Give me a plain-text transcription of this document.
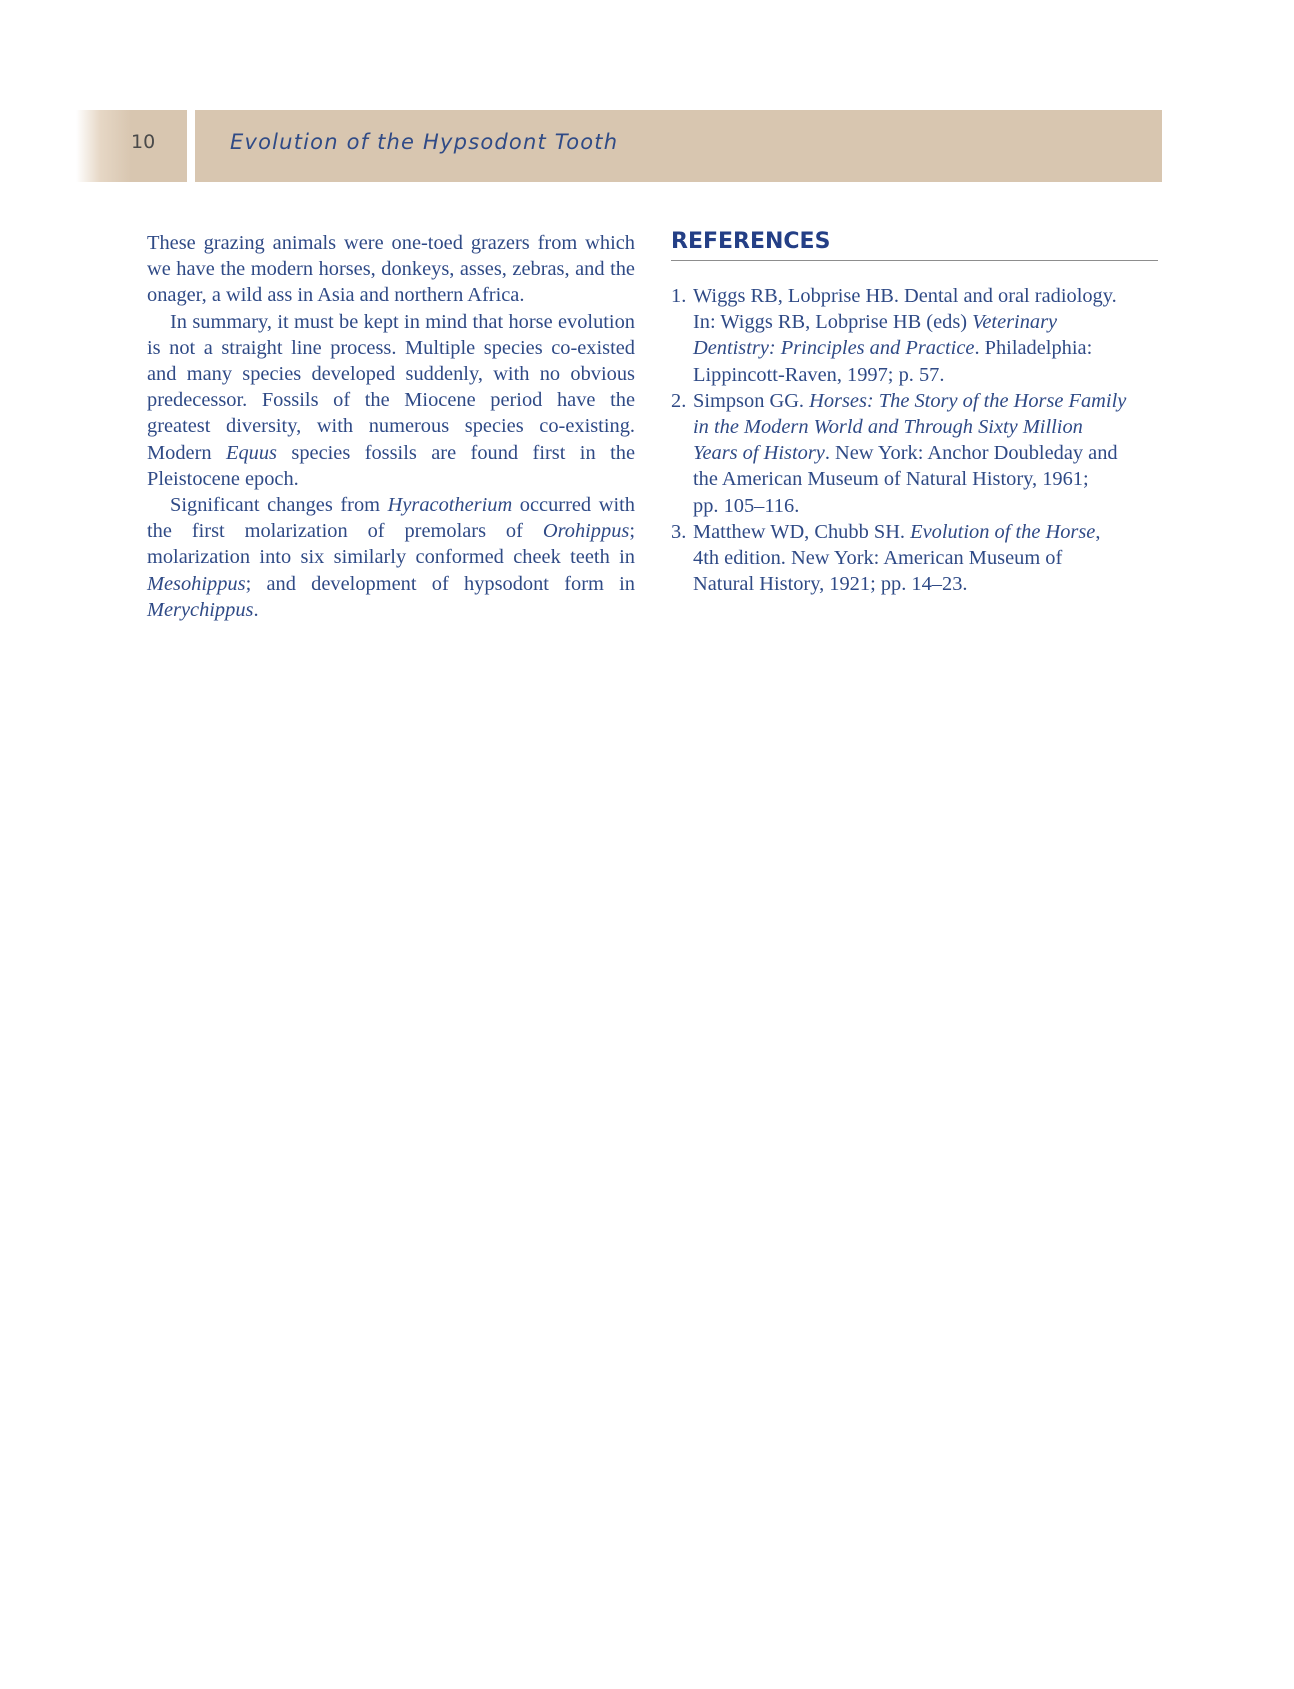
10	Evolution of the Hypsodont Tooth

These grazing animals were one-toed grazers from which we have the modern horses, donkeys, asses, zebras, and the onager, a wild ass in Asia and northern Africa.

In summary, it must be kept in mind that horse evolution is not a straight line process. Multiple species co-existed and many species developed suddenly, with no obvious predecessor. Fossils of the Miocene period have the greatest diversity, with numerous species co-existing. Modern Equus species fossils are found first in the Pleistocene epoch.

Significant changes from Hyracotherium occurred with the first molarization of premolars of Orohippus; molarization into six similarly conformed cheek teeth in Mesohippus; and development of hypsodont form in Merychippus.

REFERENCES
1. Wiggs RB, Lobprise HB. Dental and oral radiology.
In: Wiggs RB, Lobprise HB (eds) Veterinary
Dentistry: Principles and Practice. Philadelphia:
Lippincott-Raven, 1997; p. 57.
2. Simpson GG. Horses: The Story of the Horse Family
in the Modern World and Through Sixty Million
Years of History. New York: Anchor Doubleday and
the American Museum of Natural History, 1961;
pp. 105–116.
3. Matthew WD, Chubb SH. Evolution of the Horse,
4th edition. New York: American Museum of
Natural History, 1921; pp. 14–23.
